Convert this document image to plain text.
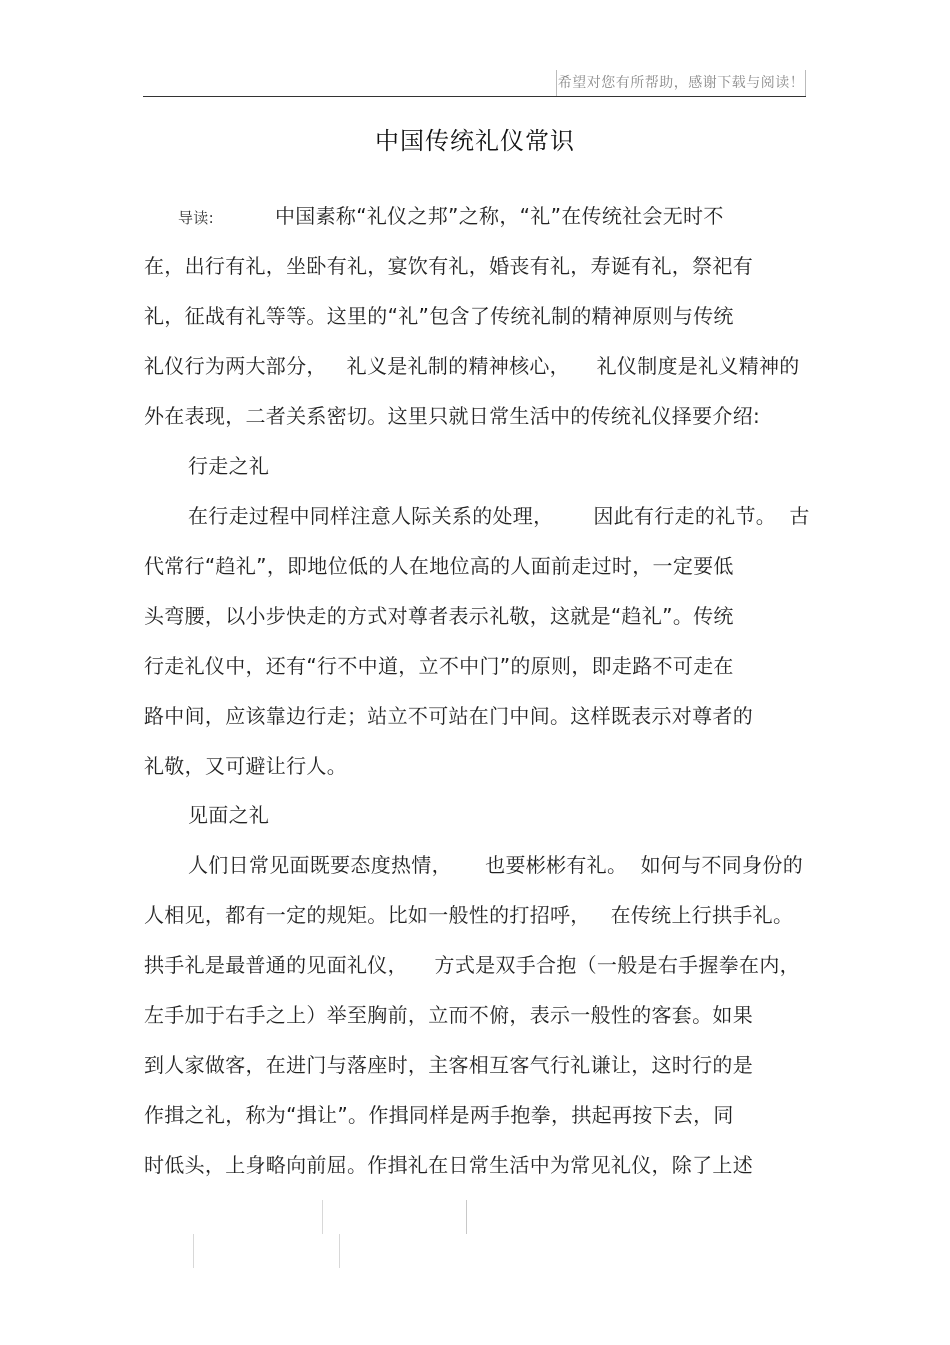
希望对您有所帮助，感谢下载与阅读！
中国传统礼仪常识
导读:	中国素称“礼仪之邦”之称，“礼”在传统社会无时不
在，出行有礼，坐卧有礼，宴饮有礼，婚丧有礼，寿诞有礼，祭祀有
礼，征战有礼等等。这里的“礼”包含了传统礼制的精神原则与传统
礼仪行为两大部分，   礼义是礼制的精神核心，    礼仪制度是礼义精神的
外在表现，二者关系密切。这里只就日常生活中的传统礼仪择要介绍:
行走之礼
在行走过程中同样注意人际关系的处理，      因此有行走的礼节。  古
代常行“趋礼”，即地位低的人在地位高的人面前走过时，一定要低
头弯腰，以小步快走的方式对尊者表示礼敬，这就是“趋礼”。传统
行走礼仪中，还有“行不中道，立不中门”的原则，即走路不可走在
路中间，应该靠边行走；站立不可站在门中间。这样既表示对尊者的
礼敬，又可避让行人。
见面之礼
人们日常见面既要态度热情，     也要彬彬有礼。  如何与不同身份的
人相见，都有一定的规矩。比如一般性的打招呼，   在传统上行拱手礼。
拱手礼是最普通的见面礼仪，    方式是双手合抱（一般是右手握拳在内，
左手加于右手之上）举至胸前，立而不俯，表示一般性的客套。如果
到人家做客，在进门与落座时，主客相互客气行礼谦让，这时行的是
作揖之礼，称为“揖让”。作揖同样是两手抱拳，拱起再按下去，同
时低头，上身略向前屈。作揖礼在日常生活中为常见礼仪，除了上述
